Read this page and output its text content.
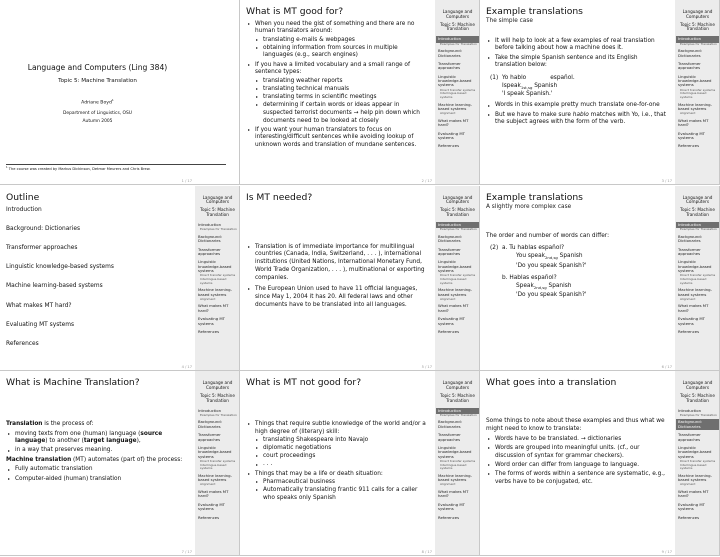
Language and Computers (Ling 384)
Topic 5: Machine Translation
Adriane Boyd$^1$
Department of Linguistics, OSU
Autumn 2005
$^1$ The course was created by Markus Dickinson, Detmar Meurers and Chris Brew.
1 / 17
What is MT good for?
When you need the gist of something and there are no human translators around:
translating e-mails & webpages
obtaining information from sources in multiple languages (e.g., search engines)
If you have a limited vocabulary and a small range of sentence types:
translating weather reports
translating technical manuals
translating terms in scientific meetings
determining if certain words or ideas appear in suspected terrorist documents → help pin down which documents need to be looked at closely
If you want your human translators to focus on interesting/difficult sentences while avoiding lookup of unknown words and translation of mundane sentences.
Language and Computers
Topic 5: Machine Translation
Introduction
Examples for Translation
Background: Dictionaries
Transformer approaches
Linguistic knowledge-based systems
Direct transfer systems
Interlingua-based systems
Machine learning-based systems
Alignment
What makes MT hard?
Evaluating MT systems
References
2 / 17
Example translations
The simple case
It will help to look at a few examples of real translation before talking about how a machine does it.
Take the simple Spanish sentence and its English translation below:
(1) Yo hablo	español.
Ispeak$_{1st,sg}$ Spanish
'I speak Spanish.'
Words in this example pretty much translate one-for-one
But we have to make sure hablo matches with Yo, i.e., that the subject agrees with the form of the verb.
Language and Computers
Topic 5: Machine Translation
Introduction
Examples for Translation
Background: Dictionaries
Transformer approaches
Linguistic knowledge-based systems
Direct transfer systems
Interlingua-based systems
Machine learning-based systems
Alignment
What makes MT hard?
Evaluating MT systems
References
3 / 17
Outline
Introduction
Background: Dictionaries
Transformer approaches
Linguistic knowledge-based systems
Machine learning-based systems
What makes MT hard?
Evaluating MT systems
References
Language and Computers
Topic 5: Machine Translation
Introduction
Examples for Translation
Background: Dictionaries
Transformer approaches
Linguistic knowledge-based systems
Direct transfer systems
Interlingua-based systems
Machine learning-based systems
Alignment
What makes MT hard?
Evaluating MT systems
References
4 / 17
Is MT needed?
Translation is of immediate importance for multilingual countries (Canada, India, Switzerland, . . . ), international institutions (United Nations, International Monetary Fund, World Trade Organization, . . . ), multinational or exporting companies.
The European Union used to have 11 official languages, since May 1, 2004 it has 20. All federal laws and other documents have to be translated into all languages.
Language and Computers
Topic 5: Machine Translation
Introduction
Examples for Translation
Background: Dictionaries
Transformer approaches
Linguistic knowledge-based systems
Direct transfer systems
Interlingua-based systems
Machine learning-based systems
Alignment
What makes MT hard?
Evaluating MT systems
References
5 / 17
Example translations
A slightly more complex case

The order and number of words can differ:

(2) a. Tu hablas español?
You speak$_{2nd,sg}$ Spanish
'Do you speak Spanish?'
b. Hablas español?
Speak$_{2nd,sg}$ Spanish
'Do you speak Spanish?'
Language and Computers
Topic 5: Machine Translation
Introduction
Examples for Translation
Background: Dictionaries
Transformer approaches
Linguistic knowledge-based systems
Direct transfer systems
Interlingua-based systems
Machine learning-based systems
Alignment
What makes MT hard?
Evaluating MT systems
References
6 / 17
What is Machine Translation?

Translation is the process of:

moving texts from one (human) language (source language) to another (target language),
in a way that preserves meaning.

Machine translation (MT) automates (part of) the process:

Fully automatic translation
Computer-aided (human) translation
Language and Computers
Topic 5: Machine Translation
Introduction
Examples for Translation
Background: Dictionaries
Transformer approaches
Linguistic knowledge-based systems
Direct transfer systems
Interlingua-based systems
Machine learning-based systems
Alignment
What makes MT hard?
Evaluating MT systems
References
7 / 17
What is MT not good for?
Things that require subtle knowledge of the world and/or a high degree of (literary) skill:
translating Shakespeare into Navajo
diplomatic negotiations
court proceedings
. . .
Things that may be a life or death situation:
Pharmaceutical business
Automatically translating frantic 911 calls for a caller who speaks only Spanish
Language and Computers
Topic 5: Machine Translation
Introduction
Examples for Translation
Background: Dictionaries
Transformer approaches
Linguistic knowledge-based systems
Direct transfer systems
Interlingua-based systems
Machine learning-based systems
Alignment
What makes MT hard?
Evaluating MT systems
References
8 / 17
What goes into a translation

Some things to note about these examples and thus what we might need to know to translate:

Words have to be translated. → dictionaries
Words are grouped into meaningful units. (cf., our discussion of syntax for grammar checkers).
Word order can differ from language to language.
The forms of words within a sentence are systematic, e.g., verbs have to be conjugated, etc.
Language and Computers
Topic 5: Machine Translation
Introduction
Examples for Translation
Background: Dictionaries
Transformer approaches
Linguistic knowledge-based systems
Direct transfer systems
Interlingua-based systems
Machine learning-based systems
Alignment
What makes MT hard?
Evaluating MT systems
References
9 / 17
